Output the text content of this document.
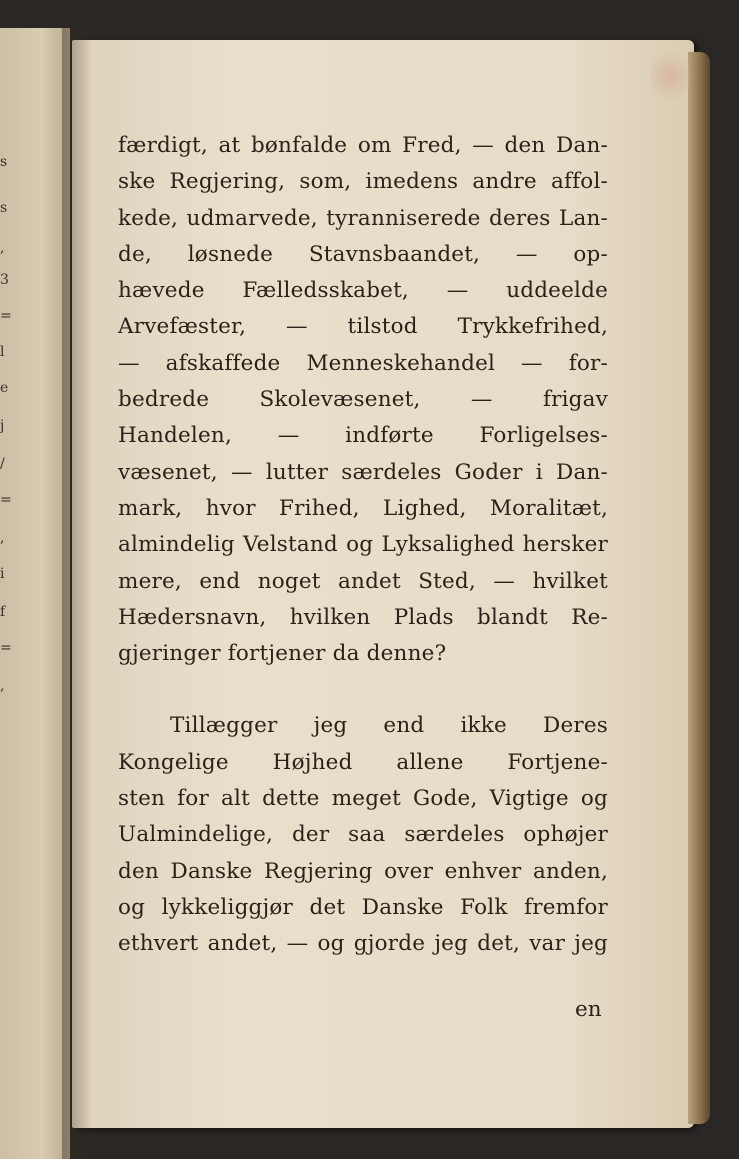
s
s
,
3
=
l
e
j
/
=
,
i
f
=
,
færdigt, at bønfalde om Fred, — den Dan-
ske Regjering, som, imedens andre affol-
kede, udmarvede, tyranniserede deres Lan-
de, løsnede Stavnsbaandet, — op-
hævede Fælledsskabet, — uddeelde
Arvefæster, — tilstod Trykkefrihed,
— afskaffede Menneskehandel — for-
bedrede Skolevæsenet, — frigav
Handelen, — indførte Forligelses-
væsenet, — lutter særdeles Goder i Dan-
mark, hvor Frihed, Lighed, Moralitæt,
almindelig Velstand og Lyksalighed hersker
mere, end noget andet Sted, — hvilket
Hædersnavn, hvilken Plads blandt Re-
gjeringer fortjener da denne?
Tillægger jeg end ikke Deres
Kongelige Højhed allene Fortjene-
sten for alt dette meget Gode, Vigtige og
Ualmindelige, der saa særdeles ophøjer
den Danske Regjering over enhver anden,
og lykkeliggjør det Danske Folk fremfor
ethvert andet, — og gjorde jeg det, var jeg
en
